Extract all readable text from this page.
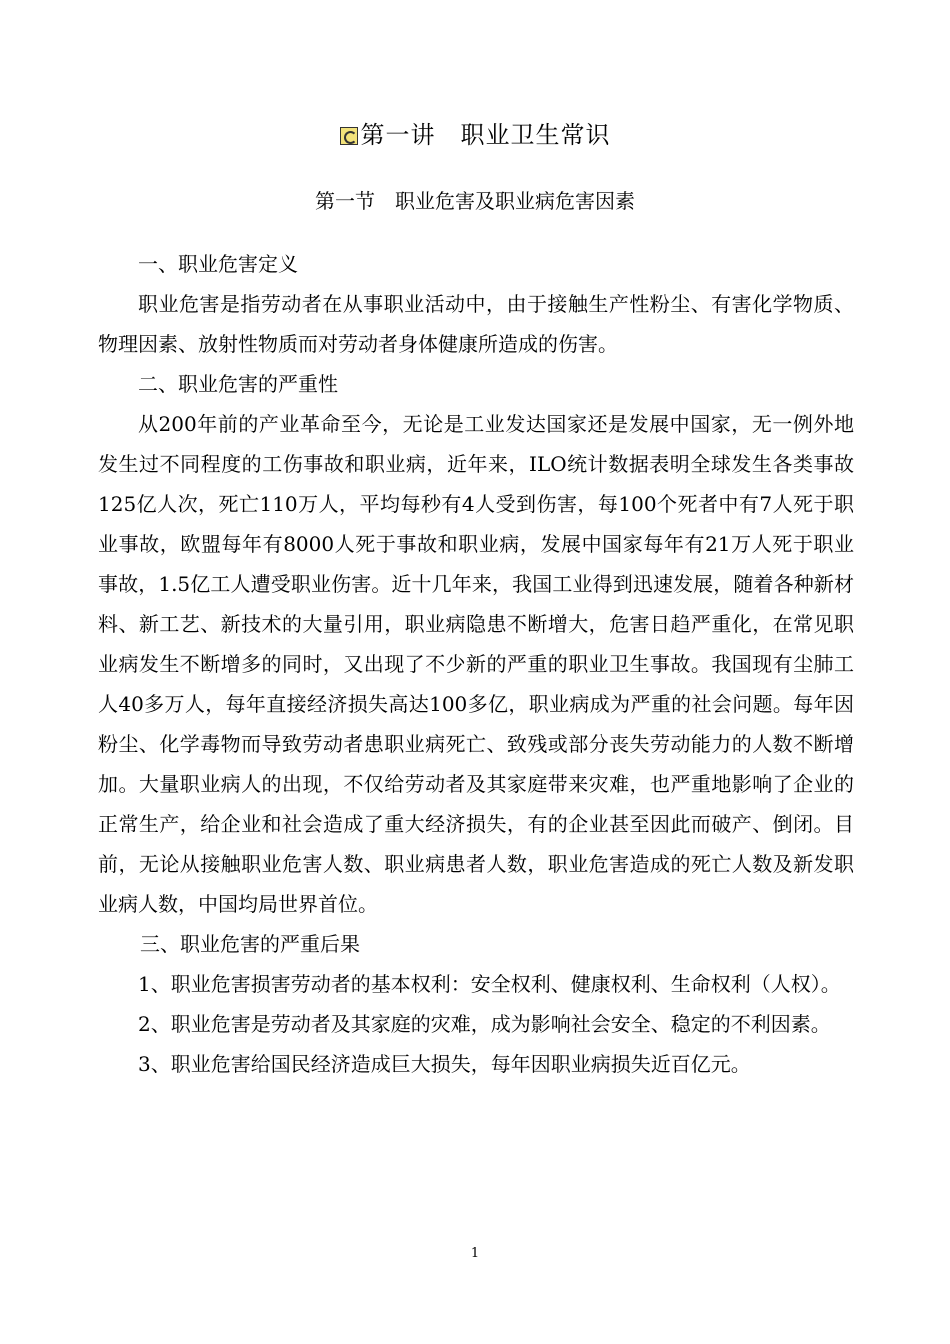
第一讲　职业卫生常识
第一节　职业危害及职业病危害因素

一、职业危害定义

职业危害是指劳动者在从事职业活动中，由于接触生产性粉尘、有害化学物质、物理因素、放射性物质而对劳动者身体健康所造成的伤害。

二、职业危害的严重性

从200年前的产业革命至今，无论是工业发达国家还是发展中国家，无一例外地发生过不同程度的工伤事故和职业病，近年来，ILO统计数据表明全球发生各类事故125亿人次，死亡110万人，平均每秒有4人受到伤害，每100个死者中有7人死于职业事故，欧盟每年有8000人死于事故和职业病，发展中国家每年有21万人死于职业事故，1.5亿工人遭受职业伤害。近十几年来，我国工业得到迅速发展，随着各种新材料、新工艺、新技术的大量引用，职业病隐患不断增大，危害日趋严重化，在常见职业病发生不断增多的同时，又出现了不少新的严重的职业卫生事故。我国现有尘肺工人40多万人，每年直接经济损失高达100多亿，职业病成为严重的社会问题。每年因粉尘、化学毒物而导致劳动者患职业病死亡、致残或部分丧失劳动能力的人数不断增加。大量职业病人的出现，不仅给劳动者及其家庭带来灾难，也严重地影响了企业的正常生产，给企业和社会造成了重大经济损失，有的企业甚至因此而破产、倒闭。目前，无论从接触职业危害人数、职业病患者人数，职业危害造成的死亡人数及新发职业病人数，中国均局世界首位。

三、职业危害的严重后果

1、职业危害损害劳动者的基本权利：安全权利、健康权利、生命权利（人权）。

2、职业危害是劳动者及其家庭的灾难，成为影响社会安全、稳定的不利因素。

3、职业危害给国民经济造成巨大损失，每年因职业病损失近百亿元。

1
